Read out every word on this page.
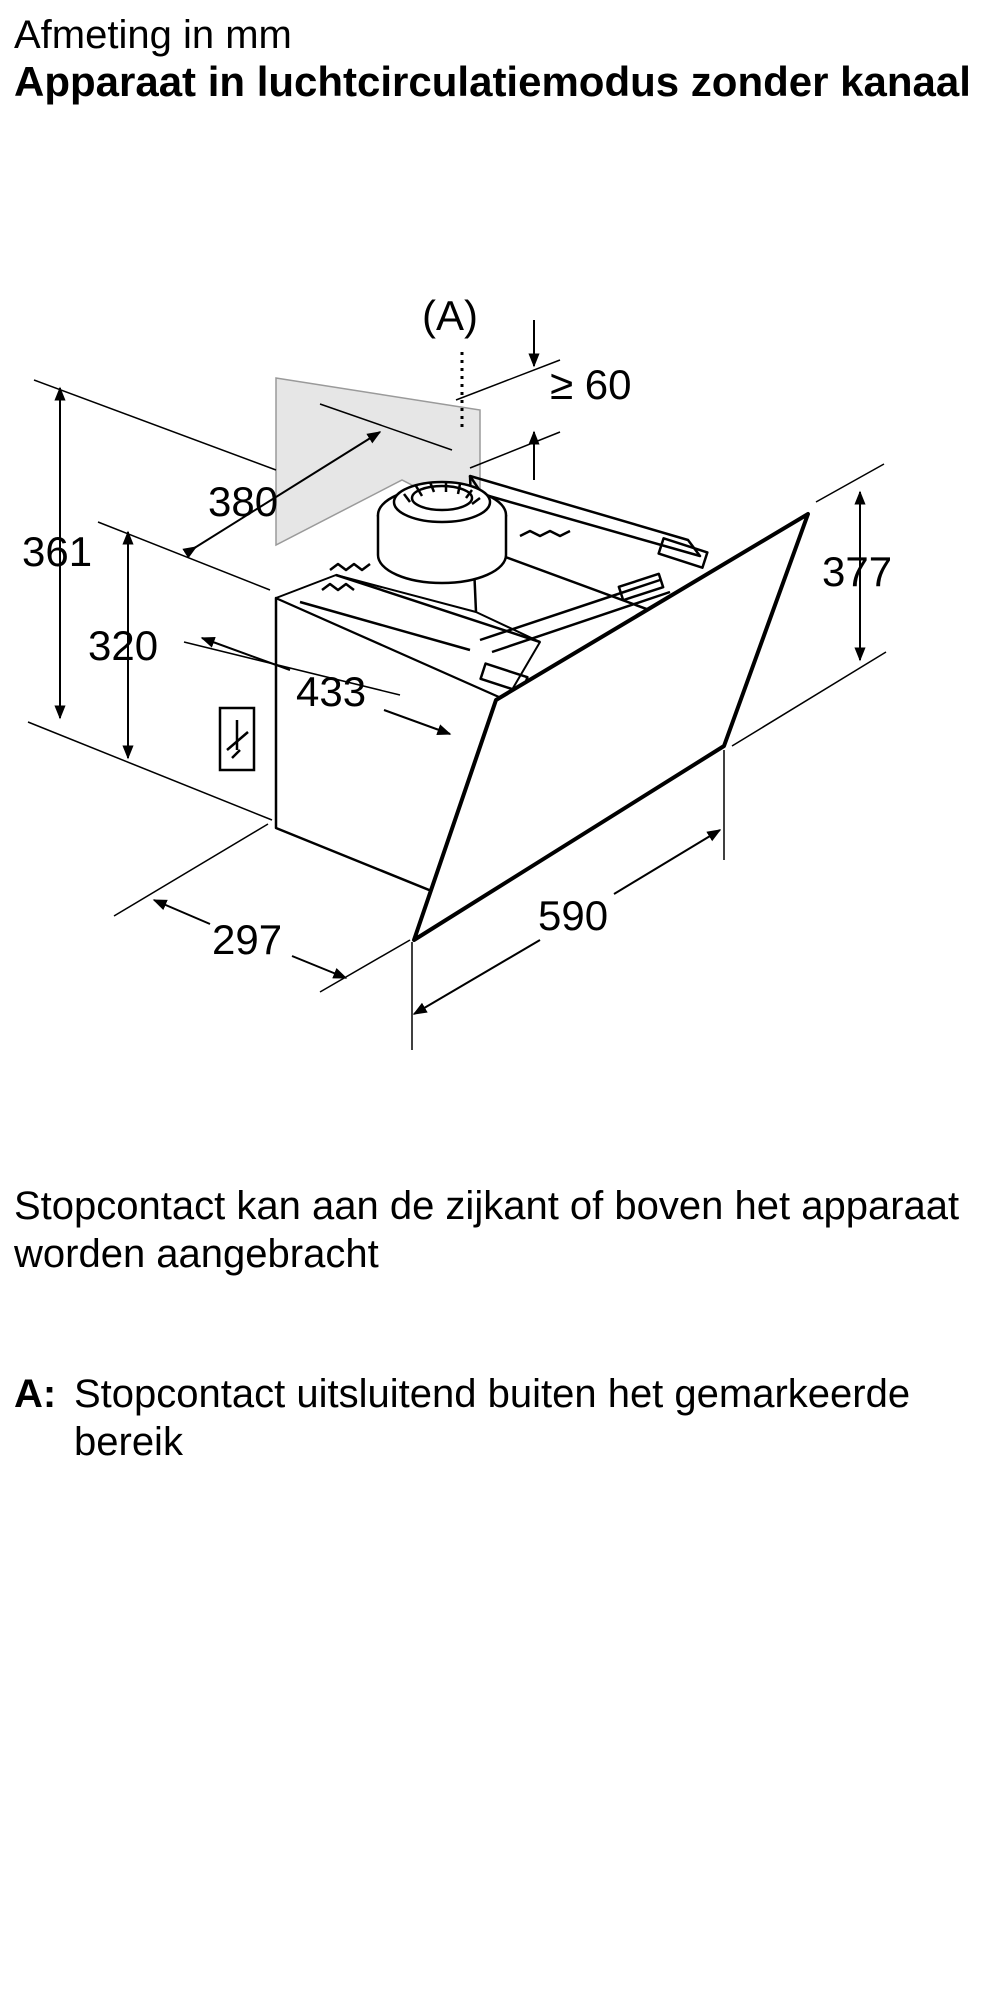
Afmeting in mm
Apparaat in luchtcirculatiemodus zonder kanaal
(A)
≥ 60
380
361
320
433
377
297
590
Stopcontact kan aan de zijkant of boven het apparaat worden aangebracht
A: Stopcontact uitsluitend buiten het gemarkeerde bereik
